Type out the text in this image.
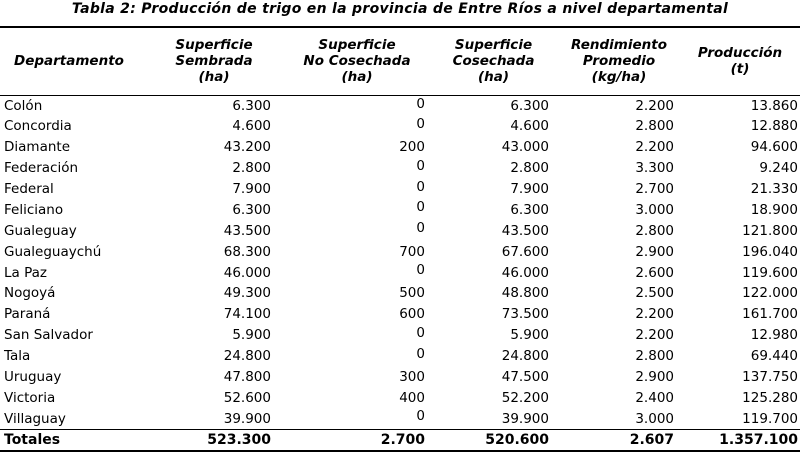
Tabla 2: Producción de trigo en la provincia de Entre Ríos a nivel departamental
Departamento	Superficie
Sembrada
(ha)	Superficie
No Cosechada
(ha)	Superficie
Cosechada
(ha)	Rendimiento
Promedio
(kg/ha)	Producción
(t)

Colón	6.300	0	6.300	2.200	13.860
Concordia	4.600	0	4.600	2.800	12.880
Diamante	43.200	200	43.000	2.200	94.600
Federación	2.800	0	2.800	3.300	9.240
Federal	7.900	0	7.900	2.700	21.330
Feliciano	6.300	0	6.300	3.000	18.900
Gualeguay	43.500	0	43.500	2.800	121.800
Gualeguaychú	68.300	700	67.600	2.900	196.040
La Paz	46.000	0	46.000	2.600	119.600
Nogoyá	49.300	500	48.800	2.500	122.000
Paraná	74.100	600	73.500	2.200	161.700
San Salvador	5.900	0	5.900	2.200	12.980
Tala	24.800	0	24.800	2.800	69.440
Uruguay	47.800	300	47.500	2.900	137.750
Victoria	52.600	400	52.200	2.400	125.280
Villaguay	39.900	0	39.900	3.000	119.700
Totales	523.300	2.700	520.600	2.607	1.357.100
